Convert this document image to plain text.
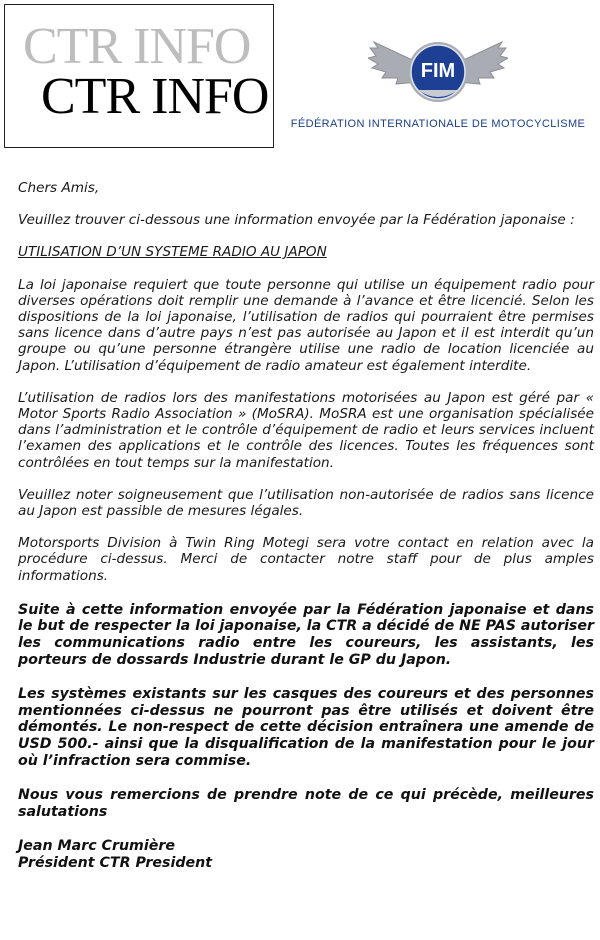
CTR INFO
CTR INFO	FIM
FÉDÉRATION INTERNATIONALE DE MOTOCYCLISME

Chers Amis,

Veuillez trouver ci-dessous une information envoyée par la Fédération japonaise :

UTILISATION D’UN SYSTEME RADIO AU JAPON

La loi japonaise requiert que toute personne qui utilise un équipement radio pour diverses opérations doit remplir une demande à l’avance et être licencié. Selon les dispositions de la loi japonaise, l’utilisation de radios qui pourraient être permises sans licence dans d’autre pays n’est pas autorisée au Japon et il est interdit qu’un groupe ou qu’une personne étrangère utilise une radio de location licenciée au Japon. L’utilisation d’équipement de radio amateur est également interdite.

L’utilisation de radios lors des manifestations motorisées au Japon est géré par « Motor Sports Radio Association » (MoSRA). MoSRA est une organisation spécialisée dans l’administration et le contrôle d’équipement de radio et leurs services incluent l’examen des applications et le contrôle des licences. Toutes les fréquences sont contrôlées en tout temps sur la manifestation.

Veuillez noter soigneusement que l’utilisation non-autorisée de radios sans licence au Japon est passible de mesures légales.

Motorsports Division à Twin Ring Motegi sera votre contact en relation avec la procédure ci-dessus. Merci de contacter notre staff pour de plus amples informations.

Suite à cette information envoyée par la Fédération japonaise et dans le but de respecter la loi japonaise, la CTR a décidé de NE PAS autoriser les communications radio entre les coureurs, les assistants, les porteurs de dossards Industrie durant le GP du Japon.

Les systèmes existants sur les casques des coureurs et des personnes mentionnées ci-dessus ne pourront pas être utilisés et doivent être démontés. Le non-respect de cette décision entraînera une amende de USD 500.- ainsi que la disqualification de la manifestation pour le jour où l’infraction sera commise.

Nous vous remercions de prendre note de ce qui précède, meilleures salutations

Jean Marc Crumière

Président CTR President
